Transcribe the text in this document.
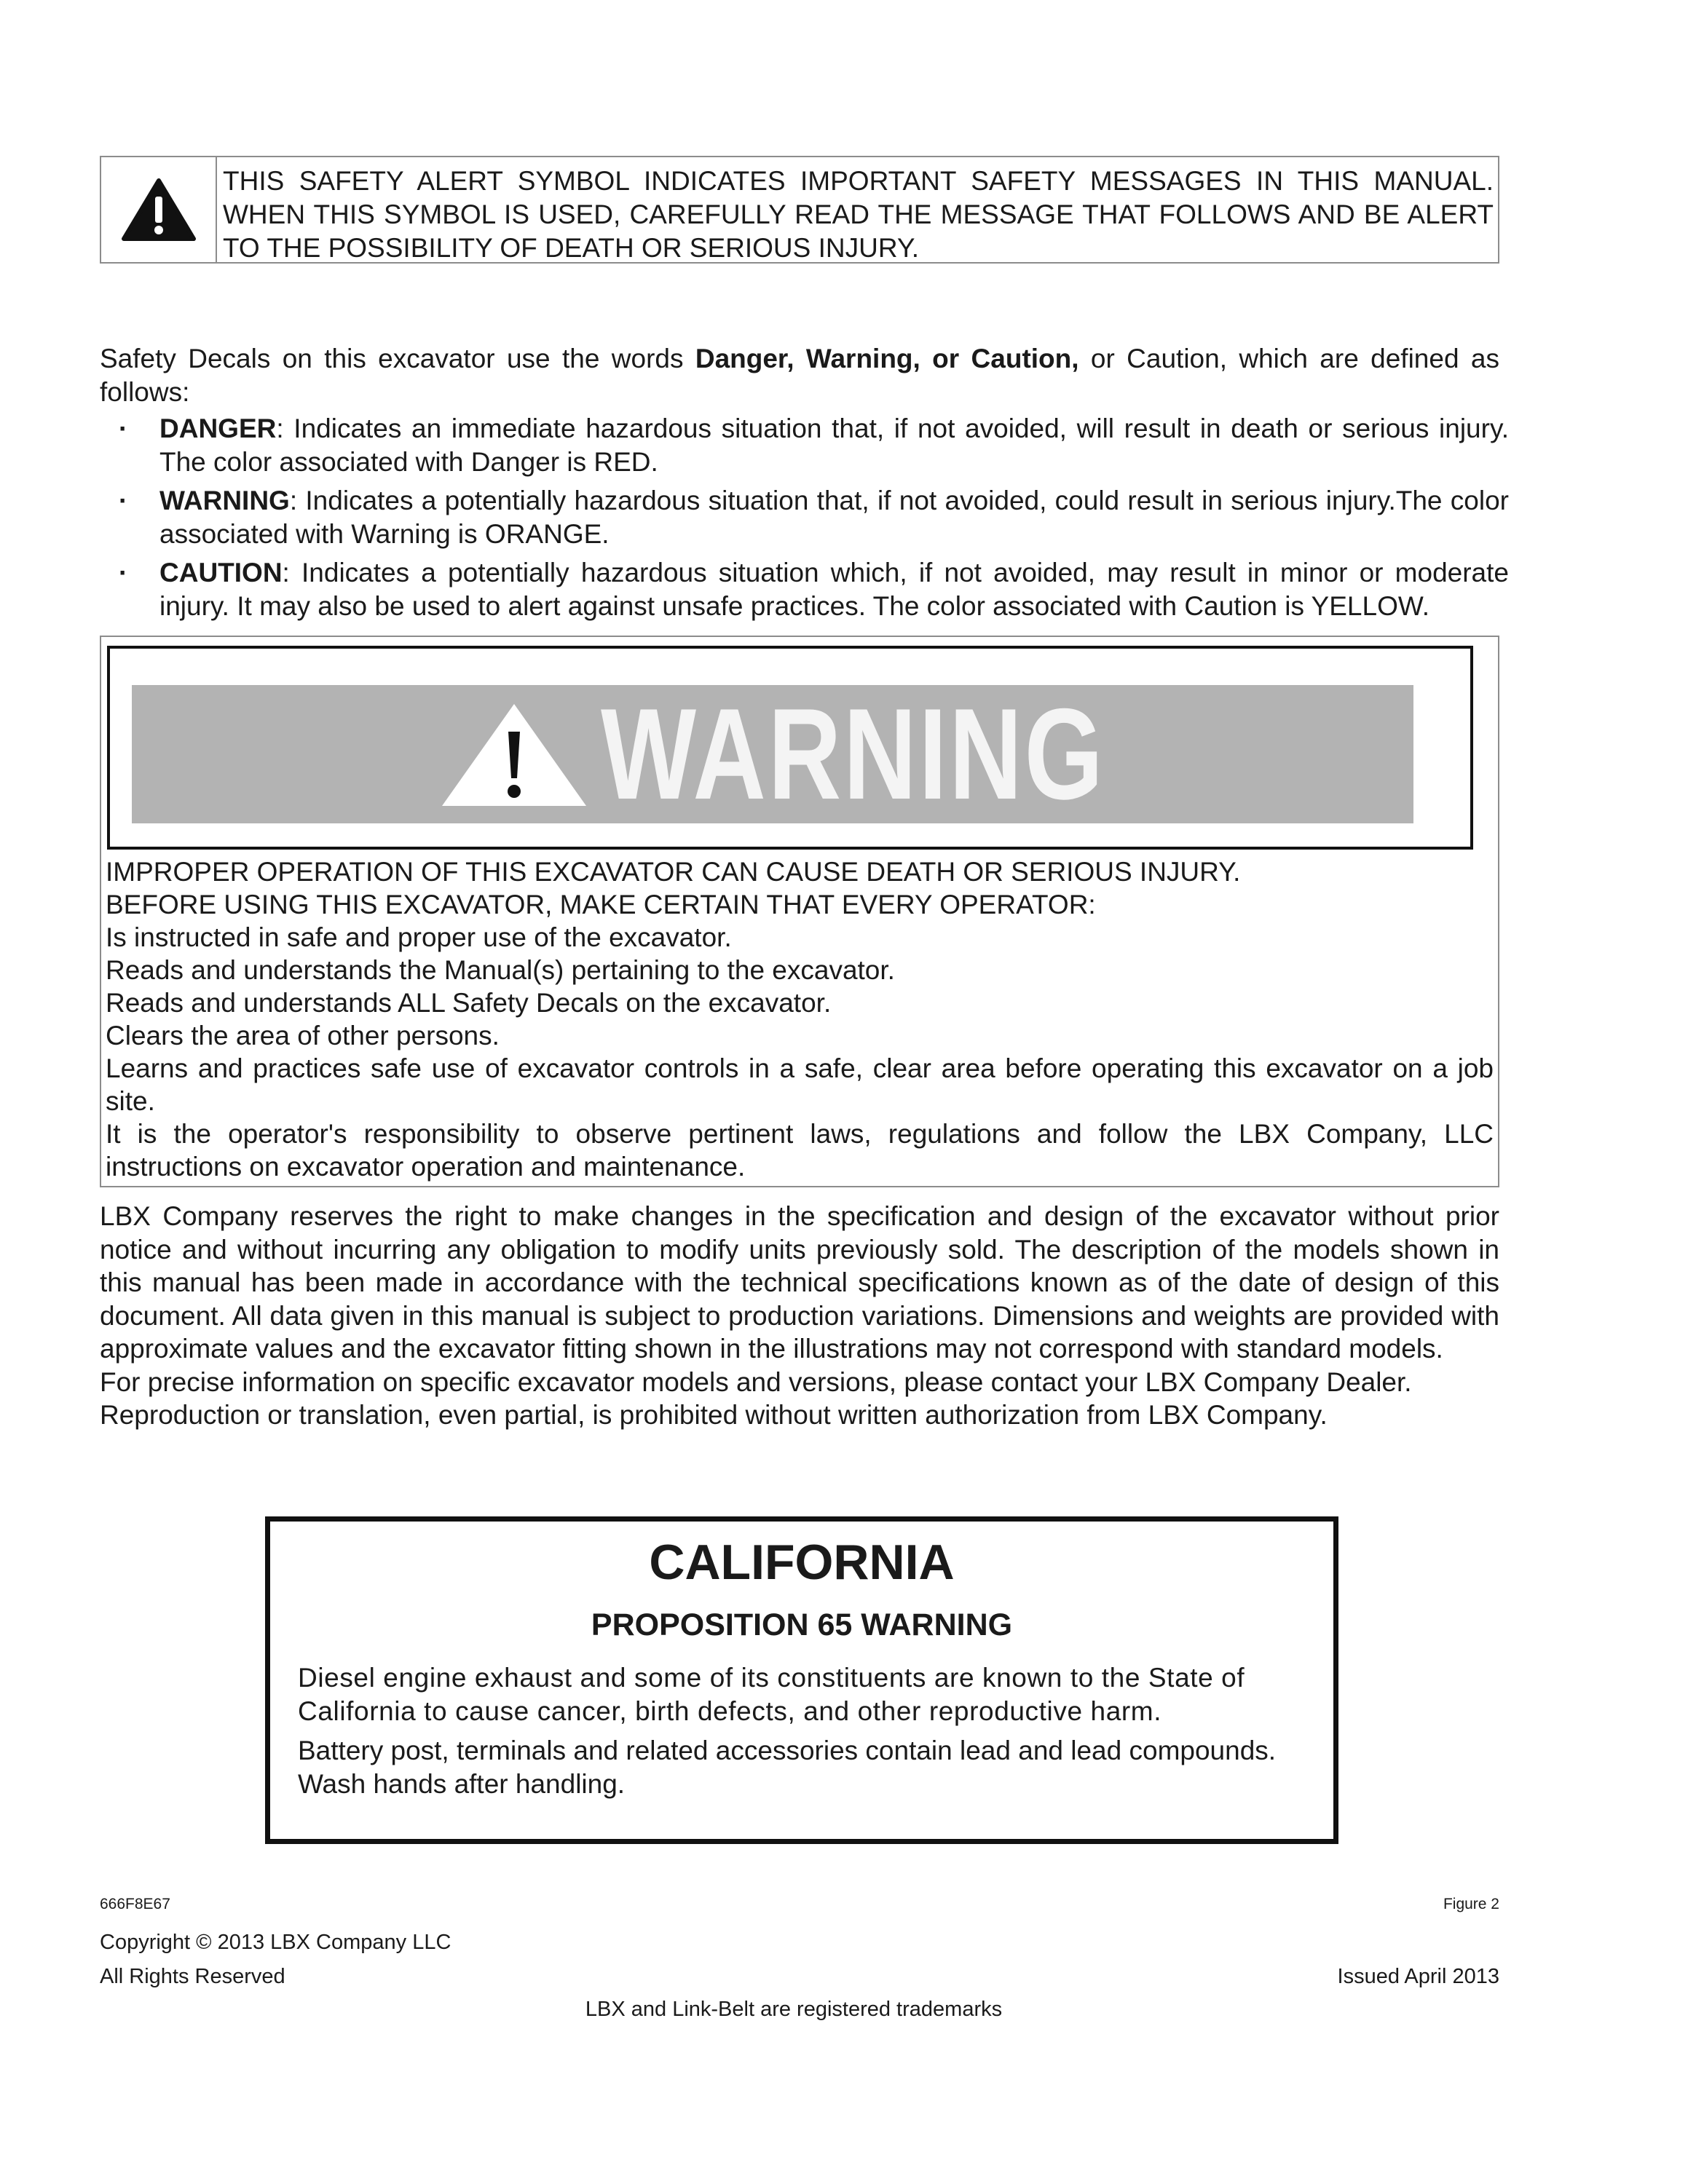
THIS SAFETY ALERT SYMBOL INDICATES IMPORTANT SAFETY MESSAGES IN THIS MANUAL. WHEN THIS SYMBOL IS USED, CAREFULLY READ THE MESSAGE THAT FOLLOWS AND BE ALERT TO THE POSSIBILITY OF DEATH OR SERIOUS INJURY.
Safety Decals on this excavator use the words Danger, Warning, or Caution, or Caution, which are defined as follows:
· DANGER: Indicates an immediate hazardous situation that, if not avoided, will result in death or serious injury. The color associated with Danger is RED.
· WARNING: Indicates a potentially hazardous situation that, if not avoided, could result in serious injury.The color associated with Warning is ORANGE.
· CAUTION: Indicates a potentially hazardous situation which, if not avoided, may result in minor or moderate injury. It may also be used to alert against unsafe practices. The color associated with Caution is YELLOW.
WARNING
IMPROPER OPERATION OF THIS EXCAVATOR CAN CAUSE DEATH OR SERIOUS INJURY.
BEFORE USING THIS EXCAVATOR, MAKE CERTAIN THAT EVERY OPERATOR:
Is instructed in safe and proper use of the excavator.
Reads and understands the Manual(s) pertaining to the excavator.
Reads and understands ALL Safety Decals on the excavator.
Clears the area of other persons.
Learns and practices safe use of excavator controls in a safe, clear area before operating this excavator on a job site.
It is the operator's responsibility to observe pertinent laws, regulations and follow the LBX Company, LLC instructions on excavator operation and maintenance.

LBX Company reserves the right to make changes in the specification and design of the excavator without prior notice and without incurring any obligation to modify units previously sold. The description of the models shown in this manual has been made in accordance with the technical specifications known as of the date of design of this document. All data given in this manual is subject to production variations. Dimensions and weights are provided with approximate values and the excavator fitting shown in the illustrations may not correspond with standard models.

For precise information on specific excavator models and versions, please contact your LBX Company Dealer.

Reproduction or translation, even partial, is prohibited without written authorization from LBX Company.

CALIFORNIA
PROPOSITION 65 WARNING
Diesel engine exhaust and some of its constituents are known to the State of California to cause cancer, birth defects, and other reproductive harm.
Battery post, terminals and related accessories contain lead and lead compounds. Wash hands after handling.
666F8E67	Figure 2
Copyright © 2013 LBX Company LLC
All Rights Reserved	Issued April 2013
LBX and Link-Belt are registered trademarks
